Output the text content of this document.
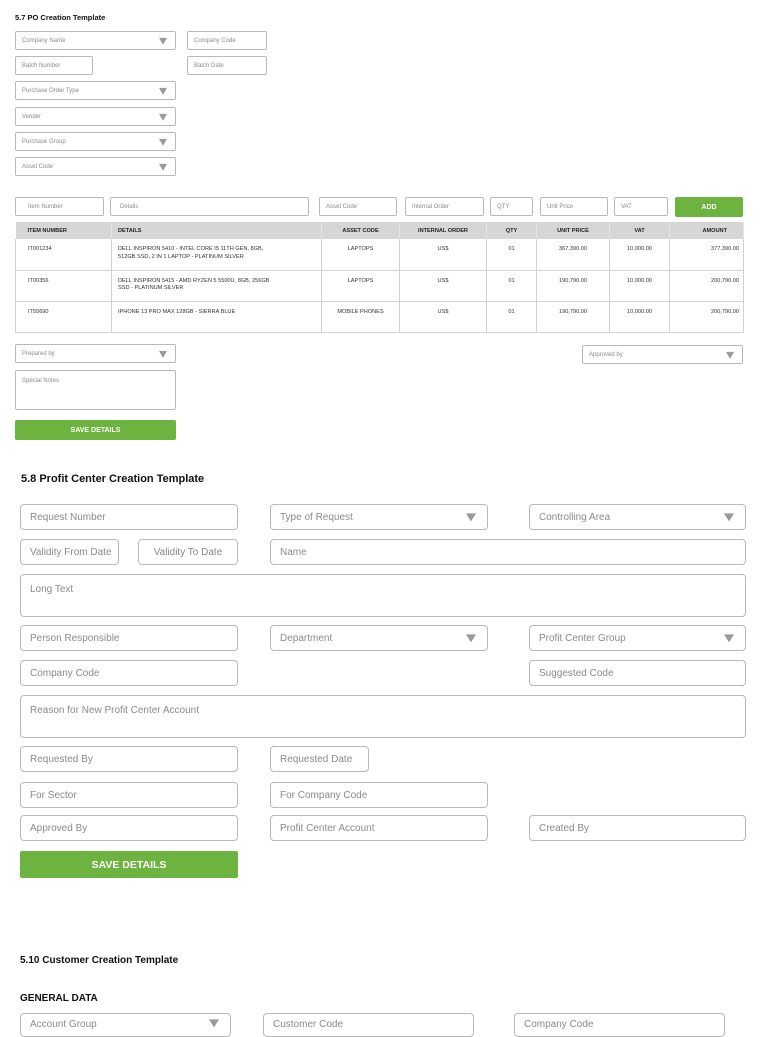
5.7 PO Creation Template
Company Name	Company Code
Batch Number	Batch Date
Purchase Order Type
Vender
Purchase Group
Asset Code
Item Number	Details	Asset Code	Internal Order	QTY	Unit Price	VAT	ADD
ITEM NUMBER	DETAILS	ASSET CODE	INTERNAL ORDER	QTY	UNIT PRICE	VAT	AMOUNT
IT001234	DELL INSPIRON 5410 - INTEL CORE I5 11TH GEN, 8GB,
512GB SSD, 2 IN 1 LAPTOP - PLATINUM SILVER	LAPTOPS	US$	01	367,390.00	10,000.00	377,390.00
IT00356	DELL INSPIRON 5415 - AMD RYZEN 5 5500U, 8GB, 256GB
SSD - PLATINUM SILVER	LAPTOPS	US$	01	190,790.00	10,000.00	200,790.00
IT55690	IPHONE 13 PRO MAX 128GB - SIERRA BLUE	MOBILE PHONES	US$	01	190,790.00	10,000.00	200,790.00
Prepared by	Approved by
Special Notes
SAVE DETAILS
5.8 Profit Center Creation Template
Request Number	Type of Request	Controlling Area
Validity From Date	Validity To Date	Name
Long Text
Person Responsible	Department	Profit Center Group
Company Code	Suggested Code
Reason for New Profit Center Account
Requested By	Requested Date
For Sector	For Company Code
Approved By	Profit Center Account	Created By
SAVE DETAILS
5.10 Customer Creation Template
GENERAL DATA
Account Group	Customer Code	Company Code
